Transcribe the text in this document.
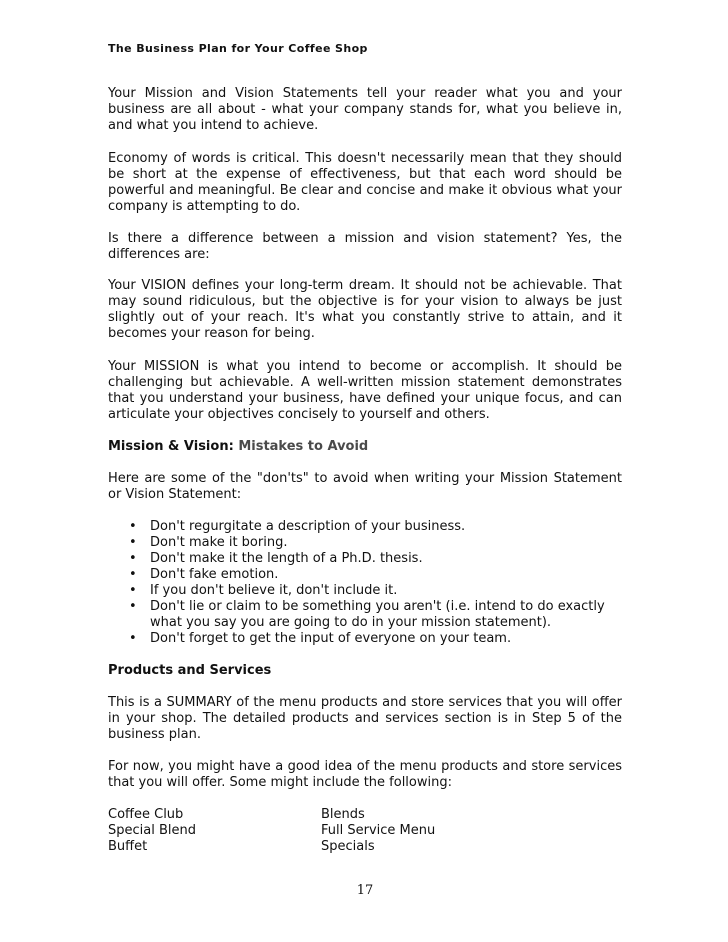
The Business Plan for Your Coffee Shop

Your Mission and Vision Statements tell your reader what you and your business are all about - what your company stands for, what you believe in, and what you intend to achieve.

Economy of words is critical. This doesn't necessarily mean that they should be short at the expense of effectiveness, but that each word should be powerful and meaningful. Be clear and concise and make it obvious what your company is attempting to do.

Is there a difference between a mission and vision statement? Yes, the differences are:

Your VISION defines your long-term dream. It should not be achievable. That may sound ridiculous, but the objective is for your vision to always be just slightly out of your reach. It's what you constantly strive to attain, and it becomes your reason for being.

Your MISSION is what you intend to become or accomplish. It should be challenging but achievable. A well-written mission statement demonstrates that you understand your business, have defined your unique focus, and can articulate your objectives concisely to yourself and others.

Mission & Vision: Mistakes to Avoid

Here are some of the "don'ts" to avoid when writing your Mission Statement or Vision Statement:

• Don't regurgitate a description of your business.
• Don't make it boring.
• Don't make it the length of a Ph.D. thesis.
• Don't fake emotion.
• If you don't believe it, don't include it.
• Don't lie or claim to be something you aren't (i.e. intend to do exactly what you say you are going to do in your mission statement).
• Don't forget to get the input of everyone on your team.

Products and Services

This is a SUMMARY of the menu products and store services that you will offer in your shop. The detailed products and services section is in Step 5 of the business plan.

For now, you might have a good idea of the menu products and store services that you will offer. Some might include the following:

Coffee Club
Special Blend
Buffet
Blends
Full Service Menu
Specials

17
